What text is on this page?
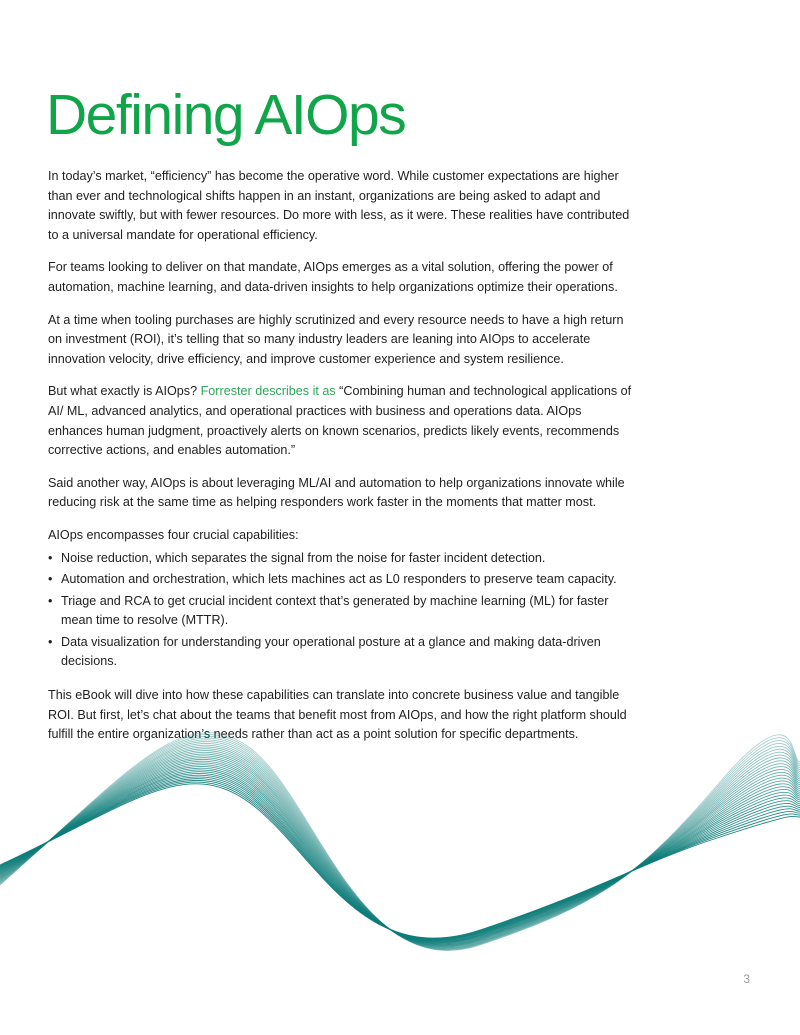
Defining AIOps

In today’s market, “efficiency” has become the operative word. While customer expectations are higher than ever and technological shifts happen in an instant, organizations are being asked to adapt and innovate swiftly, but with fewer resources. Do more with less, as it were. These realities have contributed to a universal mandate for operational efficiency.

For teams looking to deliver on that mandate, AIOps emerges as a vital solution, offering the power of automation, machine learning, and data-driven insights to help organizations optimize their operations.

At a time when tooling purchases are highly scrutinized and every resource needs to have a high return on investment (ROI), it’s telling that so many industry leaders are leaning into AIOps to accelerate innovation velocity, drive efficiency, and improve customer experience and system resilience.

But what exactly is AIOps? Forrester describes it as “Combining human and technological applications of AI/ ML, advanced analytics, and operational practices with business and operations data. AIOps enhances human judgment, proactively alerts on known scenarios, predicts likely events, recommends corrective actions, and enables automation.”

Said another way, AIOps is about leveraging ML/AI and automation to help organizations innovate while reducing risk at the same time as helping responders work faster in the moments that matter most.

AIOps encompasses four crucial capabilities:

• Noise reduction, which separates the signal from the noise for faster incident detection.
• Automation and orchestration, which lets machines act as L0 responders to preserve team capacity.
• Triage and RCA to get crucial incident context that’s generated by machine learning (ML) for faster mean time to resolve (MTTR).
• Data visualization for understanding your operational posture at a glance and making data-driven decisions.

This eBook will dive into how these capabilities can translate into concrete business value and tangible ROI. But first, let’s chat about the teams that benefit most from AIOps, and how the right platform should fulfill the entire organization’s needs rather than act as a point solution for specific departments.

3
